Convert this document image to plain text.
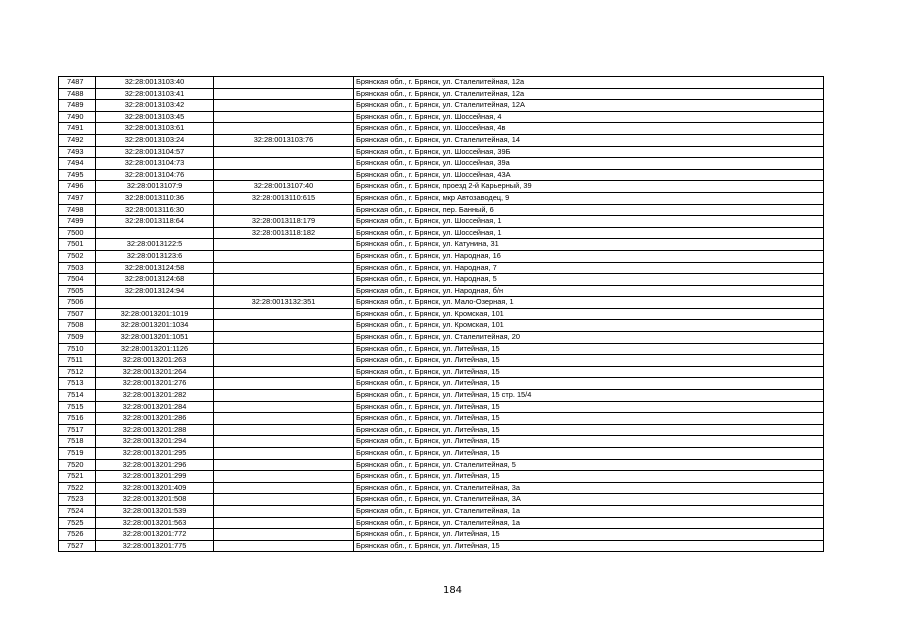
7487	32:28:0013103:40		Брянская обл., г. Брянск, ул. Сталелитейная, 12а
7488	32:28:0013103:41		Брянская обл., г. Брянск, ул. Сталелитейная, 12а
7489	32:28:0013103:42		Брянская обл., г. Брянск, ул. Сталелитейная, 12А
7490	32:28:0013103:45		Брянская обл., г. Брянск, ул. Шоссейная, 4
7491	32:28:0013103:61		Брянская обл., г. Брянск, ул. Шоссейная, 4в
7492	32:28:0013103:24	32:28:0013103:76	Брянская обл., г. Брянск, ул. Сталелитейная, 14
7493	32:28:0013104:57		Брянская обл., г. Брянск, ул. Шоссейная, 39Б
7494	32:28:0013104:73		Брянская обл., г. Брянск, ул. Шоссейная, 39а
7495	32:28:0013104:76		Брянская обл., г. Брянск, ул. Шоссейная, 43А
7496	32:28:0013107:9	32:28:0013107:40	Брянская обл., г. Брянск, проезд 2-й Карьерный, 39
7497	32:28:0013110:36	32:28:0013110:615	Брянская обл., г. Брянск, мкр Автозаводец, 9
7498	32:28:0013116:30		Брянская обл., г. Брянск, пер. Банный, 6
7499	32:28:0013118:64	32:28:0013118:179	Брянская обл., г. Брянск, ул. Шоссейная, 1
7500		32:28:0013118:182	Брянская обл., г. Брянск, ул. Шоссейная, 1
7501	32:28:0013122:5		Брянская обл., г. Брянск, ул. Катунина, 31
7502	32:28:0013123:6		Брянская обл., г. Брянск, ул. Народная, 16
7503	32:28:0013124:58		Брянская обл., г. Брянск, ул. Народная, 7
7504	32:28:0013124:68		Брянская обл., г. Брянск, ул. Народная, 5
7505	32:28:0013124:94		Брянская обл., г. Брянск, ул. Народная, б/н
7506		32:28:0013132:351	Брянская обл., г. Брянск, ул. Мало-Озерная, 1
7507	32:28:0013201:1019		Брянская обл., г. Брянск, ул. Кромская, 101
7508	32:28:0013201:1034		Брянская обл., г. Брянск, ул. Кромская, 101
7509	32:28:0013201:1051		Брянская обл., г. Брянск, ул. Сталелитейная, 20
7510	32:28:0013201:1126		Брянская обл., г. Брянск, ул. Литейная, 15
7511	32:28:0013201:263		Брянская обл., г. Брянск, ул. Литейная, 15
7512	32:28:0013201:264		Брянская обл., г. Брянск, ул. Литейная, 15
7513	32:28:0013201:276		Брянская обл., г. Брянск, ул. Литейная, 15
7514	32:28:0013201:282		Брянская обл., г. Брянск, ул. Литейная, 15 стр. 15/4
7515	32:28:0013201:284		Брянская обл., г. Брянск, ул. Литейная, 15
7516	32:28:0013201:286		Брянская обл., г. Брянск, ул. Литейная, 15
7517	32:28:0013201:288		Брянская обл., г. Брянск, ул. Литейная, 15
7518	32:28:0013201:294		Брянская обл., г. Брянск, ул. Литейная, 15
7519	32:28:0013201:295		Брянская обл., г. Брянск, ул. Литейная, 15
7520	32:28:0013201:296		Брянская обл., г. Брянск, ул. Сталелитейная, 5
7521	32:28:0013201:299		Брянская обл., г. Брянск, ул. Литейная, 15
7522	32:28:0013201:409		Брянская обл., г. Брянск, ул. Сталелитейная, 3а
7523	32:28:0013201:508		Брянская обл., г. Брянск, ул. Сталелитейная, 3А
7524	32:28:0013201:539		Брянская обл., г. Брянск, ул. Сталелитейная, 1а
7525	32:28:0013201:563		Брянская обл., г. Брянск, ул. Сталелитейная, 1а
7526	32:28:0013201:772		Брянская обл., г. Брянск, ул. Литейная, 15
7527	32:28:0013201:775		Брянская обл., г. Брянск, ул. Литейная, 15
184
